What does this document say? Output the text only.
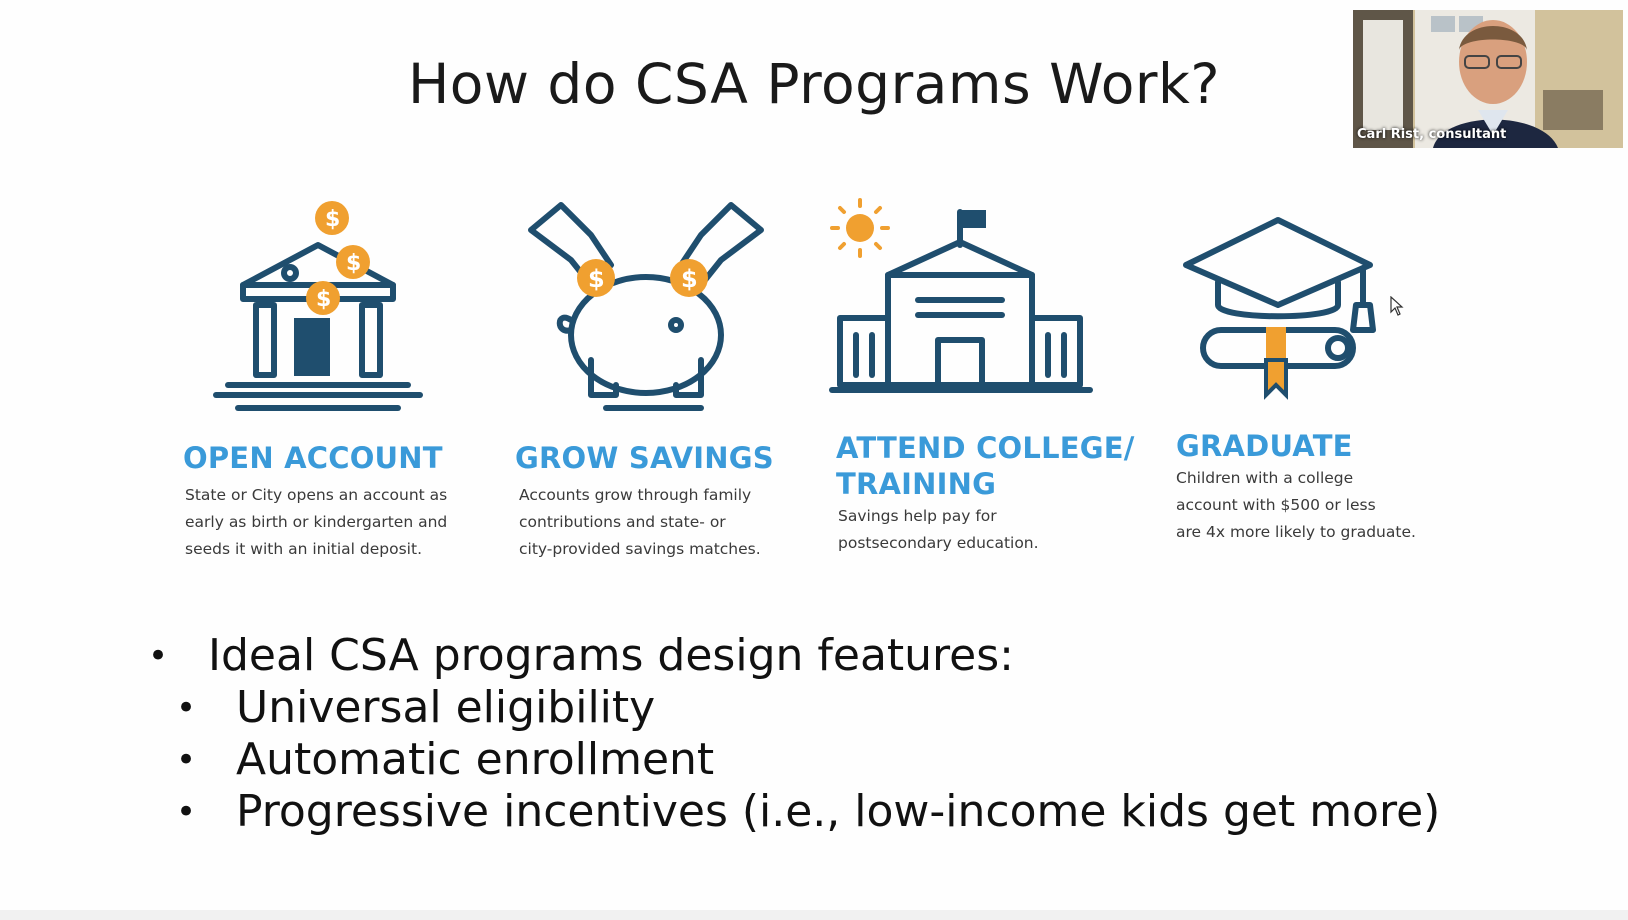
How do CSA Programs Work?
$
$
$
OPEN ACCOUNT
State or City opens an account as
early as birth or kindergarten and
seeds it with an initial deposit.
$	$
GROW SAVINGS
Accounts grow through family
contributions and state- or
city-provided savings matches.
ATTEND COLLEGE/
TRAINING
Savings help pay for
postsecondary education.
GRADUATE
Children with a college
account with $500 or less
are 4x more likely to graduate.
• Ideal CSA programs design features:
• Universal eligibility
• Automatic enrollment
• Progressive incentives (i.e., low-income kids get more)
Carl Rist, consultant
